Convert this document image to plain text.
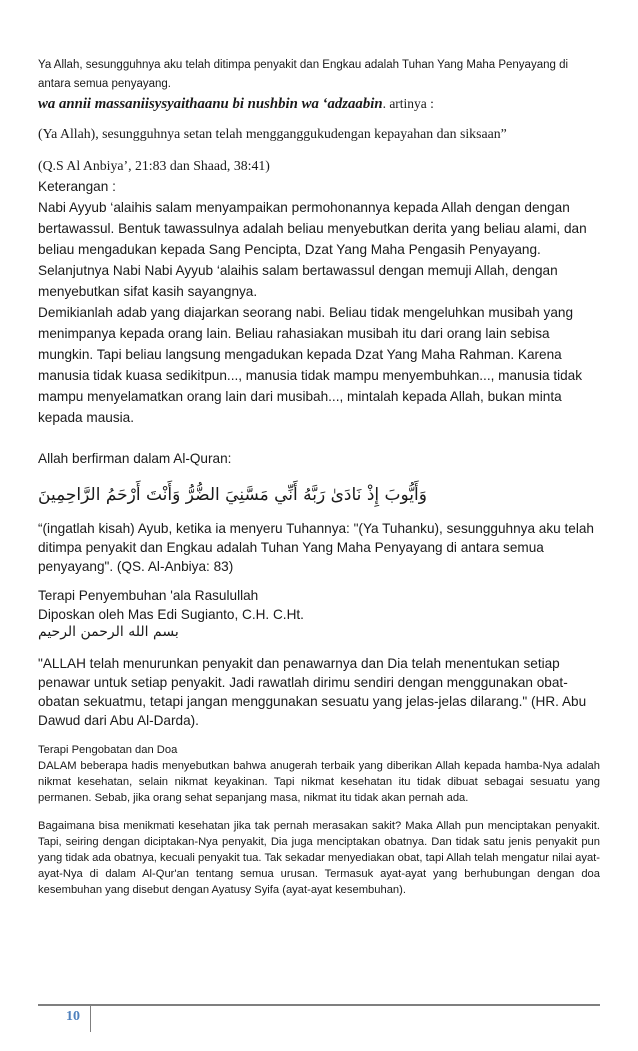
Ya Allah, sesungguhnya aku telah ditimpa penyakit dan Engkau adalah Tuhan Yang Maha Penyayang di antara semua penyayang.

wa annii massaniisysyaithaanu bi nushbin wa ‘adzaabin. artinya :

(Ya Allah), sesungguhnya setan telah mengganggukudengan kepayahan dan siksaan”

(Q.S Al Anbiya’, 21:83 dan Shaad, 38:41)

Keterangan :

Nabi Ayyub ‘alaihis salam menyampaikan permohonannya kepada Allah dengan dengan bertawassul. Bentuk tawassulnya adalah beliau menyebutkan derita yang beliau alami, dan beliau mengadukan kepada Sang Pencipta, Dzat Yang Maha Pengasih Penyayang. Selanjutnya Nabi Nabi Ayyub ‘alaihis salam bertawassul dengan memuji Allah, dengan menyebutkan sifat kasih sayangnya.

Demikianlah adab yang diajarkan seorang nabi. Beliau tidak mengeluhkan musibah yang menimpanya kepada orang lain. Beliau rahasiakan musibah itu dari orang lain sebisa mungkin. Tapi beliau langsung mengadukan kepada Dzat Yang Maha Rahman. Karena manusia tidak kuasa sedikitpun..., manusia tidak mampu menyembuhkan..., manusia tidak mampu menyelamatkan orang lain dari musibah..., mintalah kepada Allah, bukan minta kepada mausia.

Allah berfirman dalam Al-Quran:

وَأَيُّوبَ إِذْ نَادَىٰ رَبَّهُ أَنِّي مَسَّنِيَ الضُّرُّ وَأَنْتَ أَرْحَمُ الرَّاحِمِينَ

“(ingatlah kisah) Ayub, ketika ia menyeru Tuhannya: "(Ya Tuhanku), sesungguhnya aku telah ditimpa penyakit dan Engkau adalah Tuhan Yang Maha Penyayang di antara semua penyayang". (QS. Al-Anbiya: 83)

Terapi Penyembuhan 'ala Rasulullah

Diposkan oleh Mas Edi Sugianto, C.H. C.Ht.

بسم الله الرحمن الرحيم

"ALLAH telah menurunkan penyakit dan penawarnya dan Dia telah menentukan setiap penawar untuk setiap penyakit. Jadi rawatlah dirimu sendiri dengan menggunakan obat-obatan sekuatmu, tetapi jangan menggunakan sesuatu yang jelas-jelas dilarang." (HR. Abu Dawud dari Abu Al-Darda).

Terapi Pengobatan dan Doa

DALAM beberapa hadis menyebutkan bahwa anugerah terbaik yang diberikan Allah kepada hamba-Nya adalah nikmat kesehatan, selain nikmat keyakinan. Tapi nikmat kesehatan itu tidak dibuat sebagai sesuatu yang permanen. Sebab, jika orang sehat sepanjang masa, nikmat itu tidak akan pernah ada.

Bagaimana bisa menikmati kesehatan jika tak pernah merasakan sakit? Maka Allah pun menciptakan penyakit. Tapi, seiring dengan diciptakan-Nya penyakit, Dia juga menciptakan obatnya. Dan tidak satu jenis penyakit pun yang tidak ada obatnya, kecuali penyakit tua. Tak sekadar menyediakan obat, tapi Allah telah mengatur nilai ayat-ayat-Nya di dalam Al-Qur'an tentang semua urusan. Termasuk ayat-ayat yang berhubungan dengan doa kesembuhan yang disebut dengan Ayatusy Syifa (ayat-ayat kesembuhan).

10
